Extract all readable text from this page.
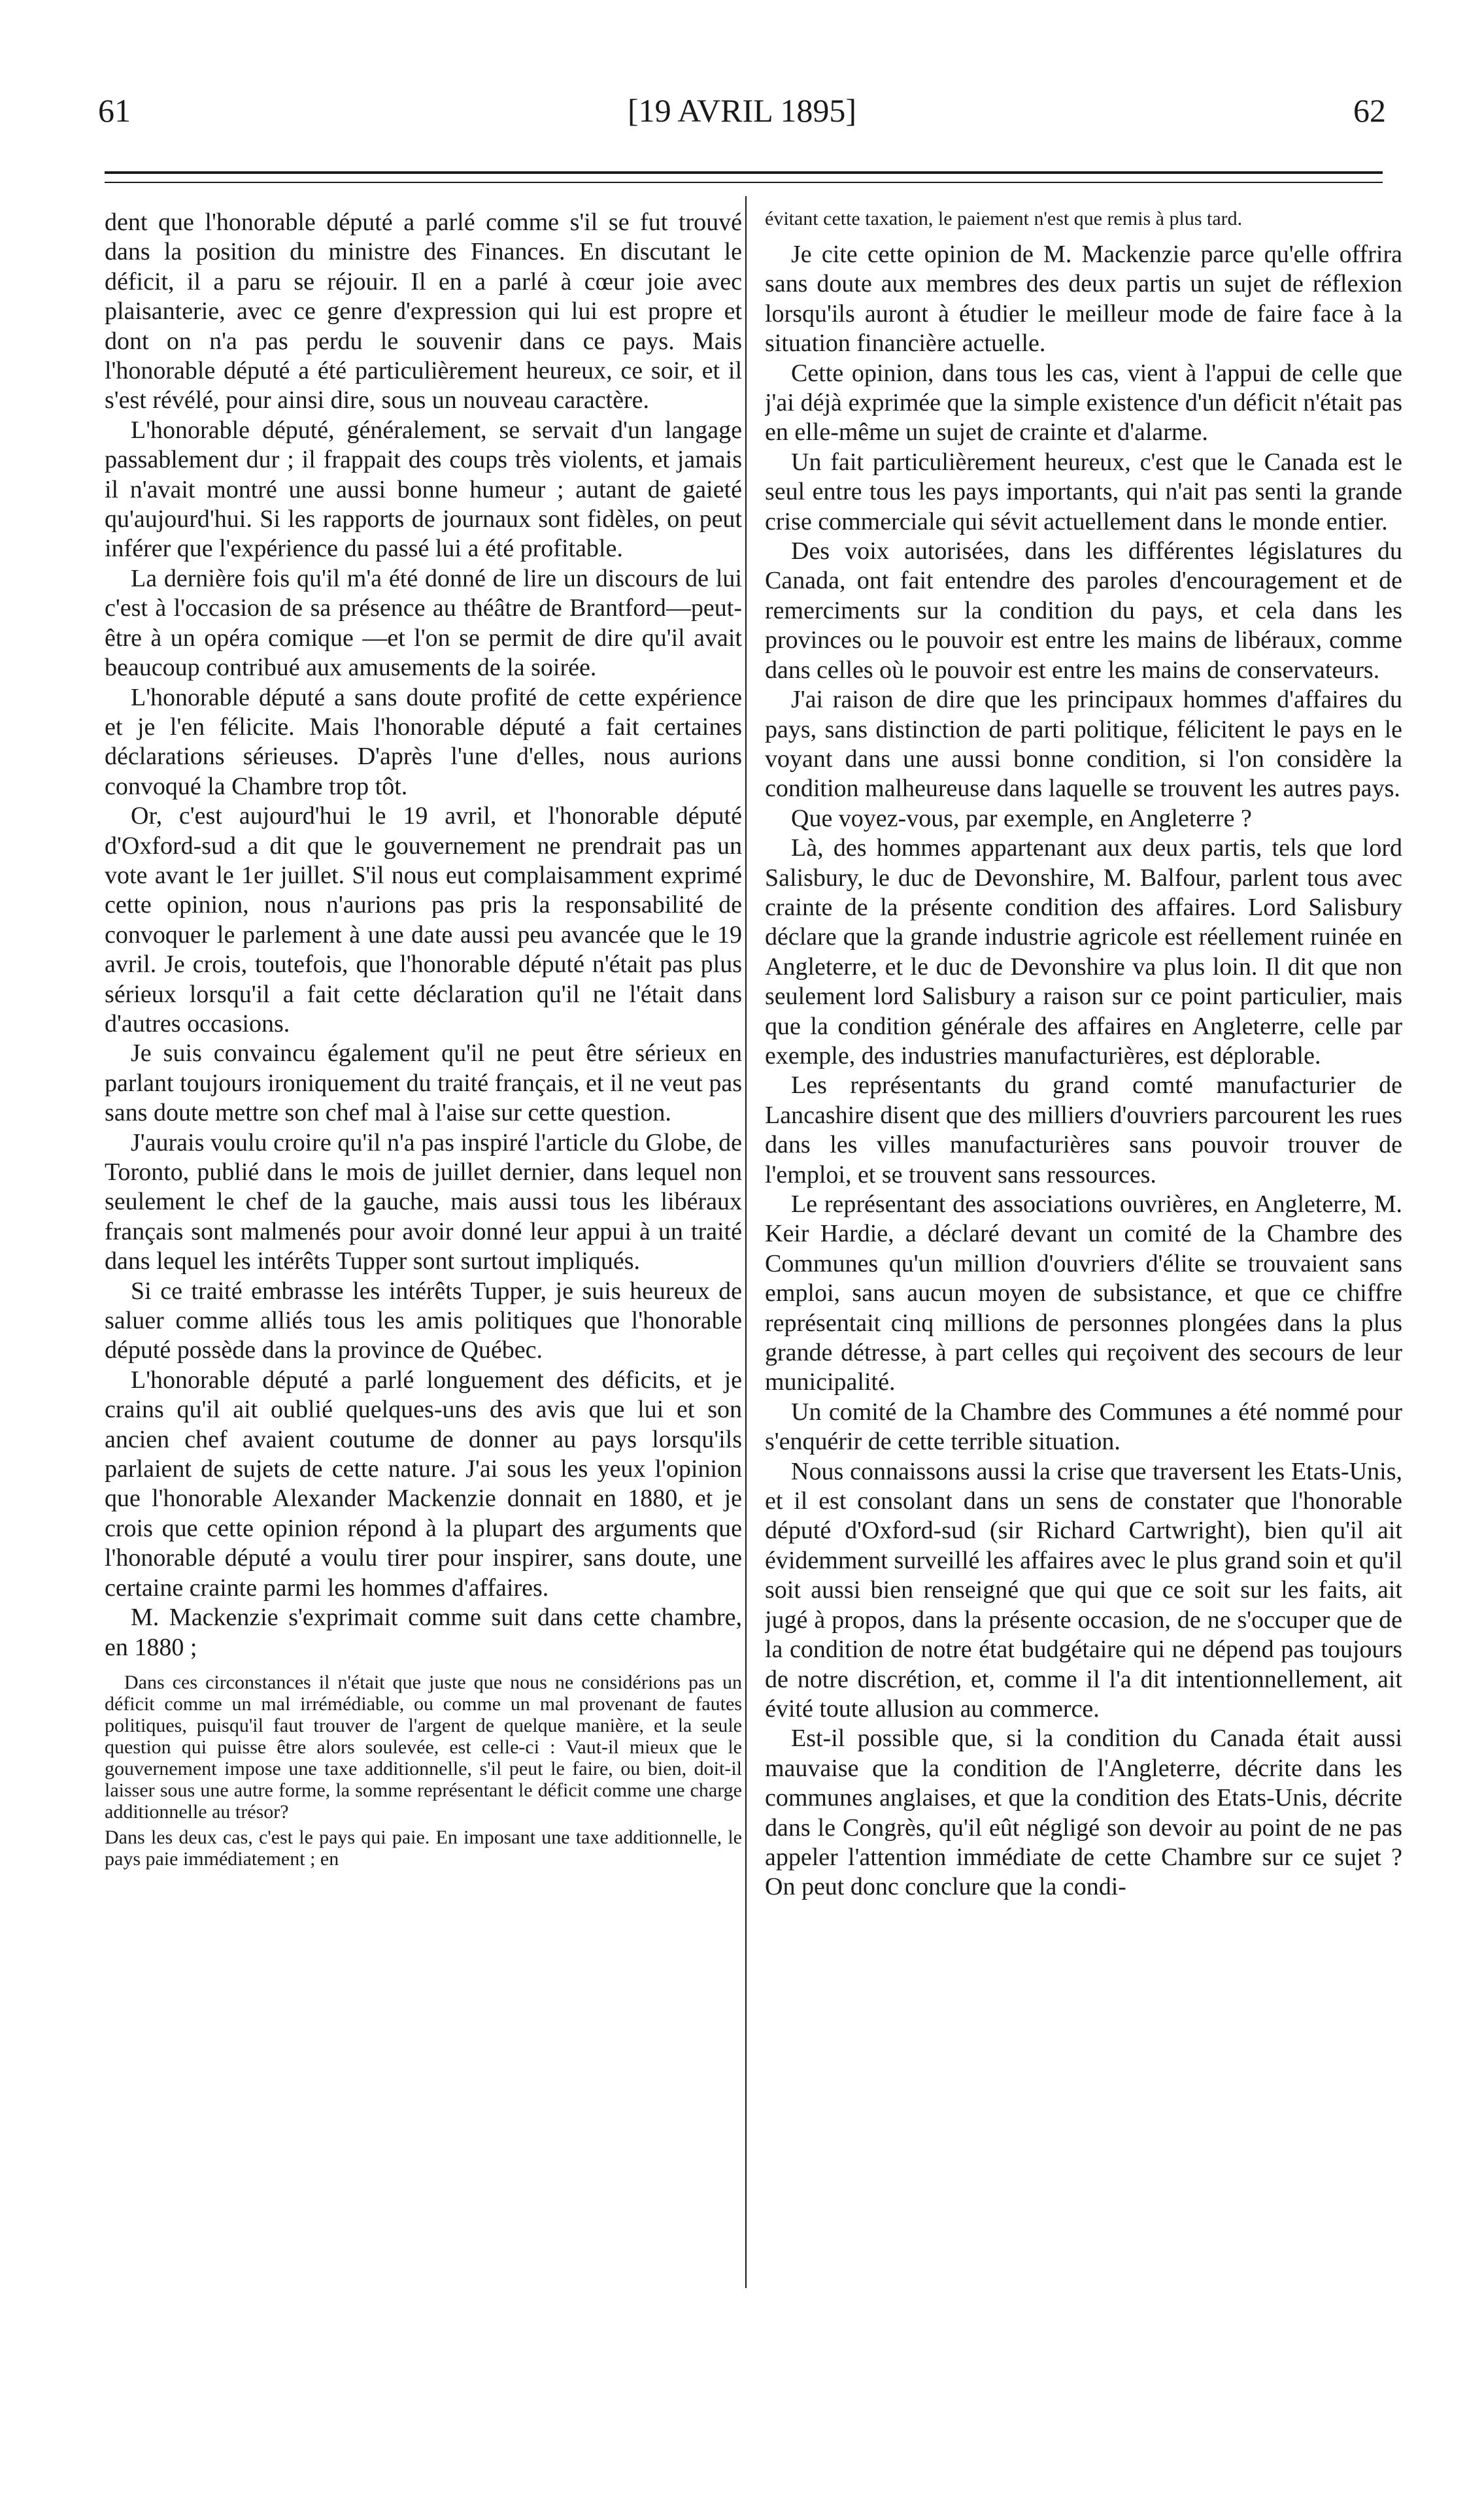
61	[19 AVRIL 1895]	62

dent que l'honorable député a parlé comme s'il se fut trouvé dans la position du ministre des Finances. En discutant le déficit, il a paru se réjouir. Il en a parlé à cœur joie avec plaisanterie, avec ce genre d'expression qui lui est propre et dont on n'a pas perdu le souvenir dans ce pays. Mais l'honorable député a été particulièrement heureux, ce soir, et il s'est révélé, pour ainsi dire, sous un nouveau caractère.

L'honorable député, généralement, se servait d'un langage passablement dur ; il frappait des coups très violents, et jamais il n'avait montré une aussi bonne humeur ; autant de gaieté qu'aujourd'hui. Si les rapports de journaux sont fidèles, on peut inférer que l'expérience du passé lui a été profitable.

La dernière fois qu'il m'a été donné de lire un discours de lui c'est à l'occasion de sa présence au théâtre de Brantford—peut-être à un opéra comique —et l'on se permit de dire qu'il avait beaucoup contribué aux amusements de la soirée.

L'honorable député a sans doute profité de cette expérience et je l'en félicite. Mais l'honorable député a fait certaines déclarations sérieuses. D'après l'une d'elles, nous aurions convoqué la Chambre trop tôt.

Or, c'est aujourd'hui le 19 avril, et l'honorable député d'Oxford-sud a dit que le gouvernement ne prendrait pas un vote avant le 1er juillet. S'il nous eut complaisamment exprimé cette opinion, nous n'aurions pas pris la responsabilité de convoquer le parlement à une date aussi peu avancée que le 19 avril. Je crois, toutefois, que l'honorable député n'était pas plus sérieux lorsqu'il a fait cette déclaration qu'il ne l'était dans d'autres occasions.

Je suis convaincu également qu'il ne peut être sérieux en parlant toujours ironiquement du traité français, et il ne veut pas sans doute mettre son chef mal à l'aise sur cette question.

J'aurais voulu croire qu'il n'a pas inspiré l'article du Globe, de Toronto, publié dans le mois de juillet dernier, dans lequel non seulement le chef de la gauche, mais aussi tous les libéraux français sont malmenés pour avoir donné leur appui à un traité dans lequel les intérêts Tupper sont surtout impliqués.

Si ce traité embrasse les intérêts Tupper, je suis heureux de saluer comme alliés tous les amis politiques que l'honorable député possède dans la province de Québec.

L'honorable député a parlé longuement des déficits, et je crains qu'il ait oublié quelques-uns des avis que lui et son ancien chef avaient coutume de donner au pays lorsqu'ils parlaient de sujets de cette nature. J'ai sous les yeux l'opinion que l'honorable Alexander Mackenzie donnait en 1880, et je crois que cette opinion répond à la plupart des arguments que l'honorable député a voulu tirer pour inspirer, sans doute, une certaine crainte parmi les hommes d'affaires.

M. Mackenzie s'exprimait comme suit dans cette chambre, en 1880 ;

Dans ces circonstances il n'était que juste que nous ne considérions pas un déficit comme un mal irrémédiable, ou comme un mal provenant de fautes politiques, puisqu'il faut trouver de l'argent de quelque manière, et la seule question qui puisse être alors soulevée, est celle-ci : Vaut-il mieux que le gouvernement impose une taxe additionnelle, s'il peut le faire, ou bien, doit-il laisser sous une autre forme, la somme représentant le déficit comme une charge additionnelle au trésor?

Dans les deux cas, c'est le pays qui paie. En imposant une taxe additionnelle, le pays paie immédiatement ; en

évitant cette taxation, le paiement n'est que remis à plus tard.

Je cite cette opinion de M. Mackenzie parce qu'elle offrira sans doute aux membres des deux partis un sujet de réflexion lorsqu'ils auront à étudier le meilleur mode de faire face à la situation financière actuelle.

Cette opinion, dans tous les cas, vient à l'appui de celle que j'ai déjà exprimée que la simple existence d'un déficit n'était pas en elle-même un sujet de crainte et d'alarme.

Un fait particulièrement heureux, c'est que le Canada est le seul entre tous les pays importants, qui n'ait pas senti la grande crise commerciale qui sévit actuellement dans le monde entier.

Des voix autorisées, dans les différentes législatures du Canada, ont fait entendre des paroles d'encouragement et de remerciments sur la condition du pays, et cela dans les provinces ou le pouvoir est entre les mains de libéraux, comme dans celles où le pouvoir est entre les mains de conservateurs.

J'ai raison de dire que les principaux hommes d'affaires du pays, sans distinction de parti politique, félicitent le pays en le voyant dans une aussi bonne condition, si l'on considère la condition malheureuse dans laquelle se trouvent les autres pays.

Que voyez-vous, par exemple, en Angleterre ?

Là, des hommes appartenant aux deux partis, tels que lord Salisbury, le duc de Devonshire, M. Balfour, parlent tous avec crainte de la présente condition des affaires. Lord Salisbury déclare que la grande industrie agricole est réellement ruinée en Angleterre, et le duc de Devonshire va plus loin. Il dit que non seulement lord Salisbury a raison sur ce point particulier, mais que la condition générale des affaires en Angleterre, celle par exemple, des industries manufacturières, est déplorable.

Les représentants du grand comté manufacturier de Lancashire disent que des milliers d'ouvriers parcourent les rues dans les villes manufacturières sans pouvoir trouver de l'emploi, et se trouvent sans ressources.

Le représentant des associations ouvrières, en Angleterre, M. Keir Hardie, a déclaré devant un comité de la Chambre des Communes qu'un million d'ouvriers d'élite se trouvaient sans emploi, sans aucun moyen de subsistance, et que ce chiffre représentait cinq millions de personnes plongées dans la plus grande détresse, à part celles qui reçoivent des secours de leur municipalité.

Un comité de la Chambre des Communes a été nommé pour s'enquérir de cette terrible situation.

Nous connaissons aussi la crise que traversent les Etats-Unis, et il est consolant dans un sens de constater que l'honorable député d'Oxford-sud (sir Richard Cartwright), bien qu'il ait évidemment surveillé les affaires avec le plus grand soin et qu'il soit aussi bien renseigné que qui que ce soit sur les faits, ait jugé à propos, dans la présente occasion, de ne s'occuper que de la condition de notre état budgétaire qui ne dépend pas toujours de notre discrétion, et, comme il l'a dit intentionnellement, ait évité toute allusion au commerce.

Est-il possible que, si la condition du Canada était aussi mauvaise que la condition de l'Angleterre, décrite dans les communes anglaises, et que la condition des Etats-Unis, décrite dans le Congrès, qu'il eût négligé son devoir au point de ne pas appeler l'attention immédiate de cette Chambre sur ce sujet ? On peut donc conclure que la condi-
